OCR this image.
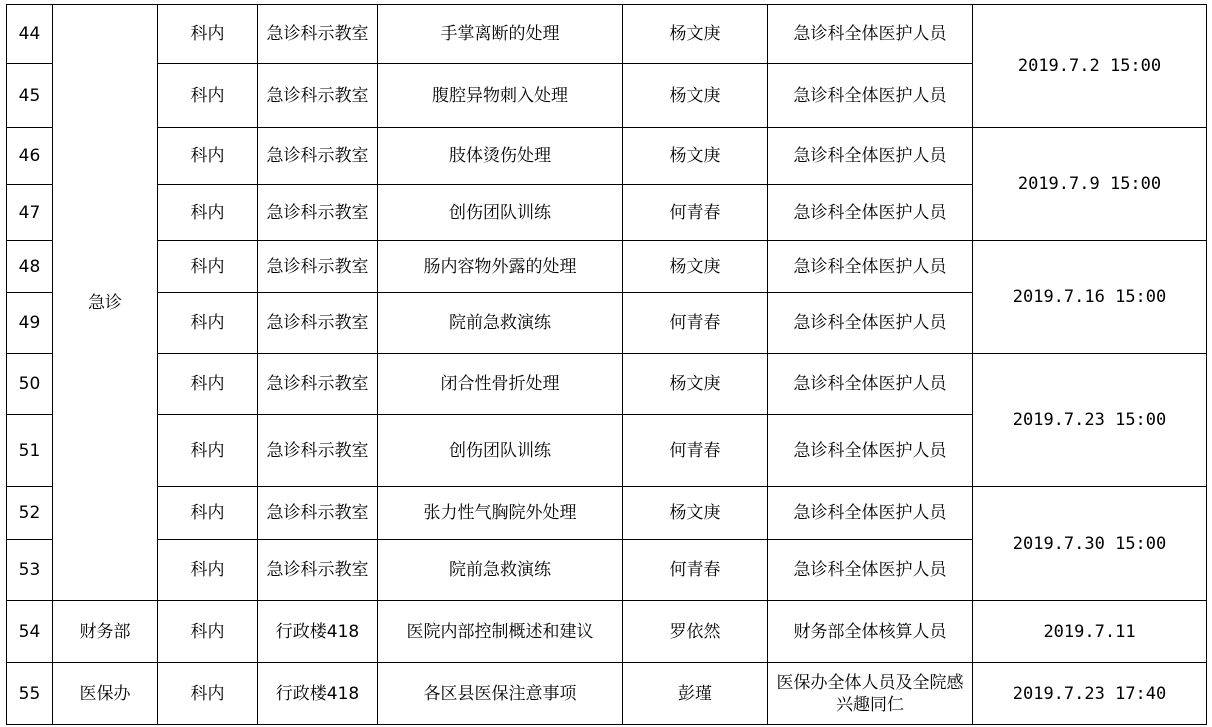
44	急诊	科内	急诊科示教室	手掌离断的处理	杨文庚	急诊科全体医护人员	2019.7.2 15:00
45		科内	急诊科示教室	腹腔异物刺入处理	杨文庚	急诊科全体医护人员	
46		科内	急诊科示教室	肢体烫伤处理	杨文庚	急诊科全体医护人员	2019.7.9 15:00
47		科内	急诊科示教室	创伤团队训练	何青春	急诊科全体医护人员	
48		科内	急诊科示教室	肠内容物外露的处理	杨文庚	急诊科全体医护人员	2019.7.16 15:00
49		科内	急诊科示教室	院前急救演练	何青春	急诊科全体医护人员	
50		科内	急诊科示教室	闭合性骨折处理	杨文庚	急诊科全体医护人员	2019.7.23 15:00
51		科内	急诊科示教室	创伤团队训练	何青春	急诊科全体医护人员	
52		科内	急诊科示教室	张力性气胸院外处理	杨文庚	急诊科全体医护人员	2019.7.30 15:00
53		科内	急诊科示教室	院前急救演练	何青春	急诊科全体医护人员	
54	财务部	科内	行政楼418	医院内部控制概述和建议	罗依然	财务部全体核算人员	2019.7.11
55	医保办	科内	行政楼418	各区县医保注意事项	彭瑾	医保办全体人员及全院感兴趣同仁	2019.7.23 17:40
